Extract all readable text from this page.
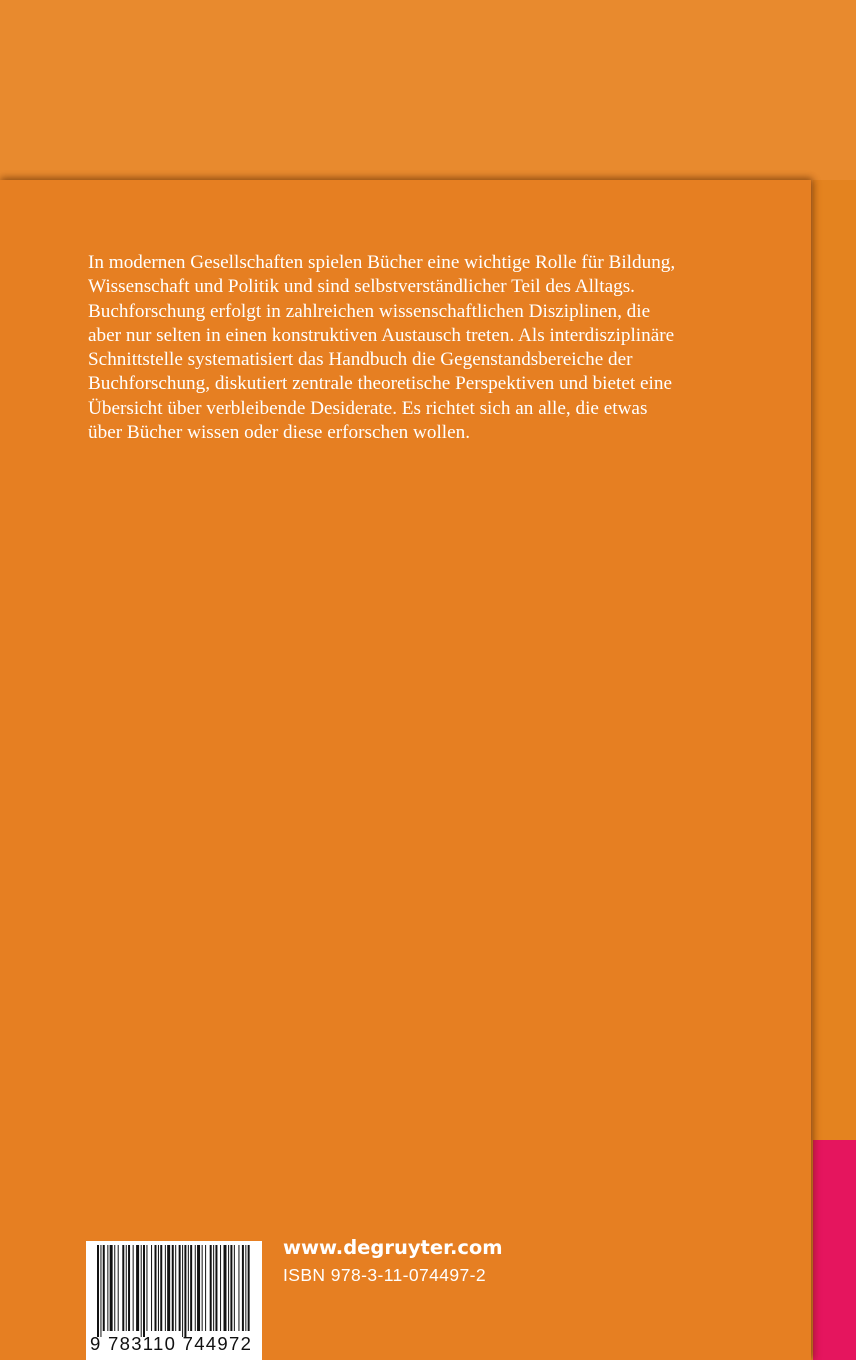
In modernen Gesellschaften spielen Bücher eine wichtige Rolle für Bildung,
Wissenschaft und Politik und sind selbstverständlicher Teil des Alltags.
Buchforschung erfolgt in zahlreichen wissenschaftlichen Disziplinen, die
aber nur selten in einen konstruktiven Austausch treten. Als interdisziplinäre
Schnittstelle systematisiert das Handbuch die Gegenstandsbereiche der
Buchforschung, diskutiert zentrale theoretische Perspektiven und bietet eine
Übersicht über verbleibende Desiderate. Es richtet sich an alle, die etwas
über Bücher wissen oder diese erforschen wollen.

9 783110 744972
www.degruyter.com
ISBN 978-3-11-074497-2
